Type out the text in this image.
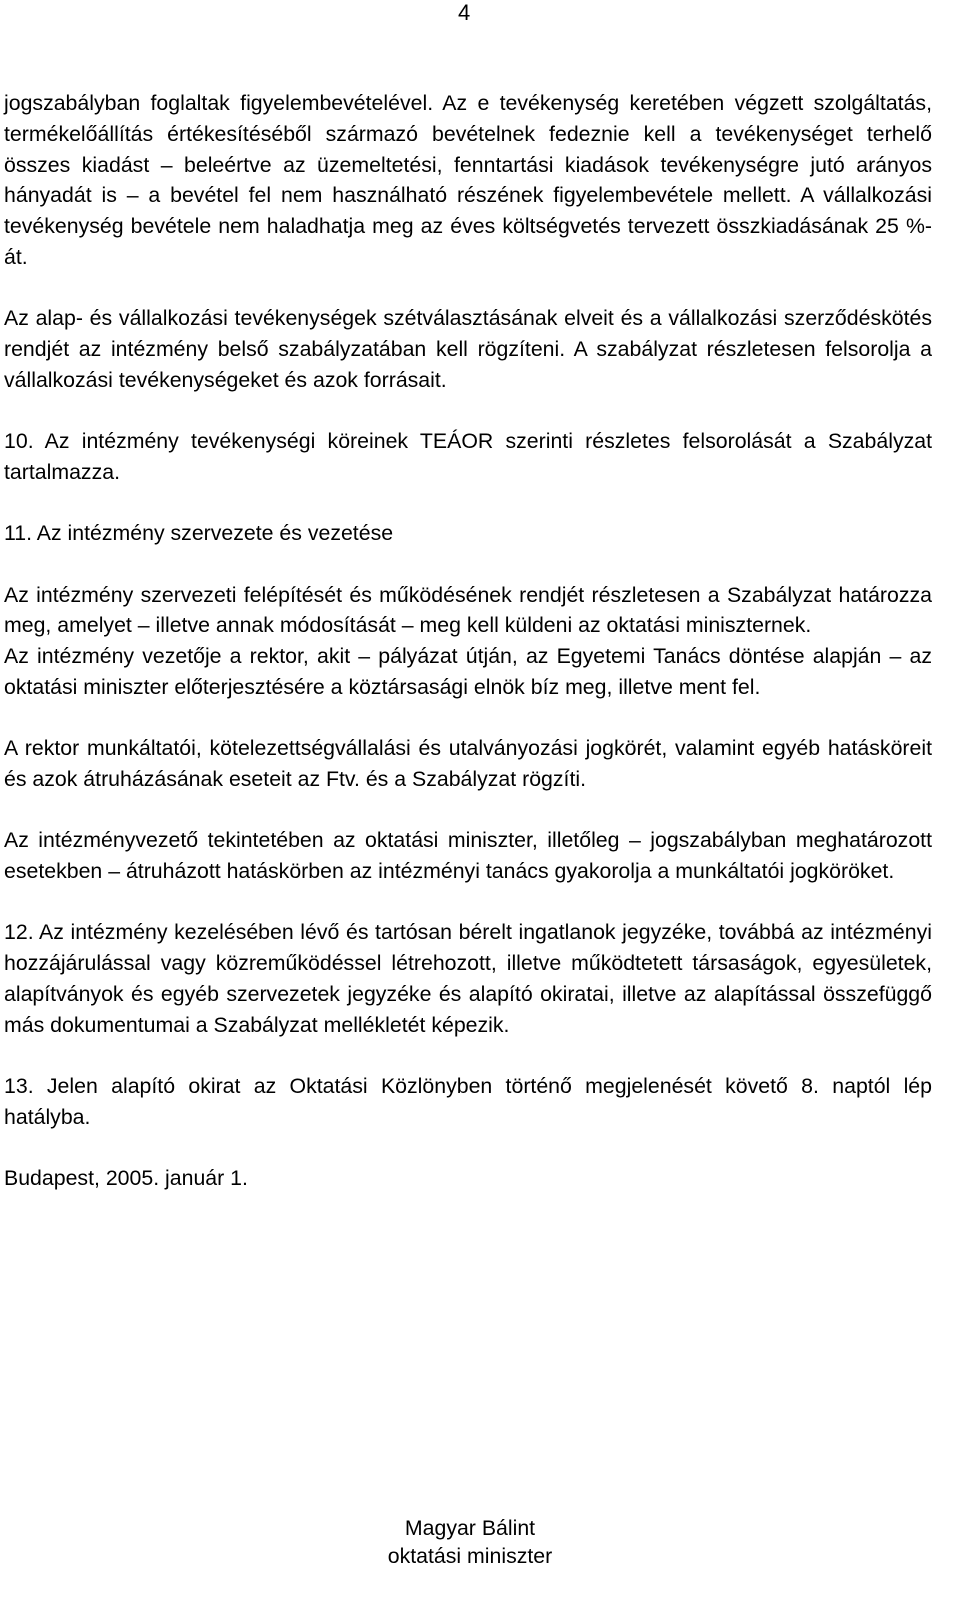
4

jogszabályban foglaltak figyelembevételével. Az e tevékenység keretében végzett szolgáltatás, termékelőállítás értékesítéséből származó bevételnek fedeznie kell a tevékenységet terhelő összes kiadást – beleértve az üzemeltetési, fenntartási kiadások tevékenységre jutó arányos hányadát is – a bevétel fel nem használható részének figyelembevétele mellett. A vállalkozási tevékenység bevétele nem haladhatja meg az éves költségvetés tervezett összkiadásának 25 %-át.

Az alap- és vállalkozási tevékenységek szétválasztásának elveit és a vállalkozási szerződéskötés rendjét az intézmény belső szabályzatában kell rögzíteni. A szabályzat részletesen felsorolja a vállalkozási tevékenységeket és azok forrásait.

10. Az intézmény tevékenységi köreinek TEÁOR szerinti részletes felsorolását a Szabályzat tartalmazza.

11. Az intézmény szervezete és vezetése

Az intézmény szervezeti felépítését és működésének rendjét részletesen a Szabályzat határozza meg, amelyet – illetve annak módosítását – meg kell küldeni az oktatási miniszternek.

Az intézmény vezetője a rektor, akit – pályázat útján, az Egyetemi Tanács döntése alapján – az oktatási miniszter előterjesztésére a köztársasági elnök bíz meg, illetve ment fel.

A rektor munkáltatói, kötelezettségvállalási és utalványozási jogkörét, valamint egyéb hatásköreit és azok átruházásának eseteit az Ftv. és a Szabályzat rögzíti.

Az intézményvezető tekintetében az oktatási miniszter, illetőleg – jogszabályban meghatározott esetekben – átruházott hatáskörben az intézményi tanács gyakorolja a munkáltatói jogköröket.

12. Az intézmény kezelésében lévő és tartósan bérelt ingatlanok jegyzéke, továbbá az intézményi hozzájárulással vagy közreműködéssel létrehozott, illetve működtetett társaságok, egyesületek, alapítványok és egyéb szervezetek jegyzéke és alapító okiratai, illetve az alapítással összefüggő más dokumentumai a Szabályzat mellékletét képezik.

13. Jelen alapító okirat az Oktatási Közlönyben történő megjelenését követő 8. naptól lép hatályba.

Budapest, 2005. január 1.

Magyar Bálint
oktatási miniszter
